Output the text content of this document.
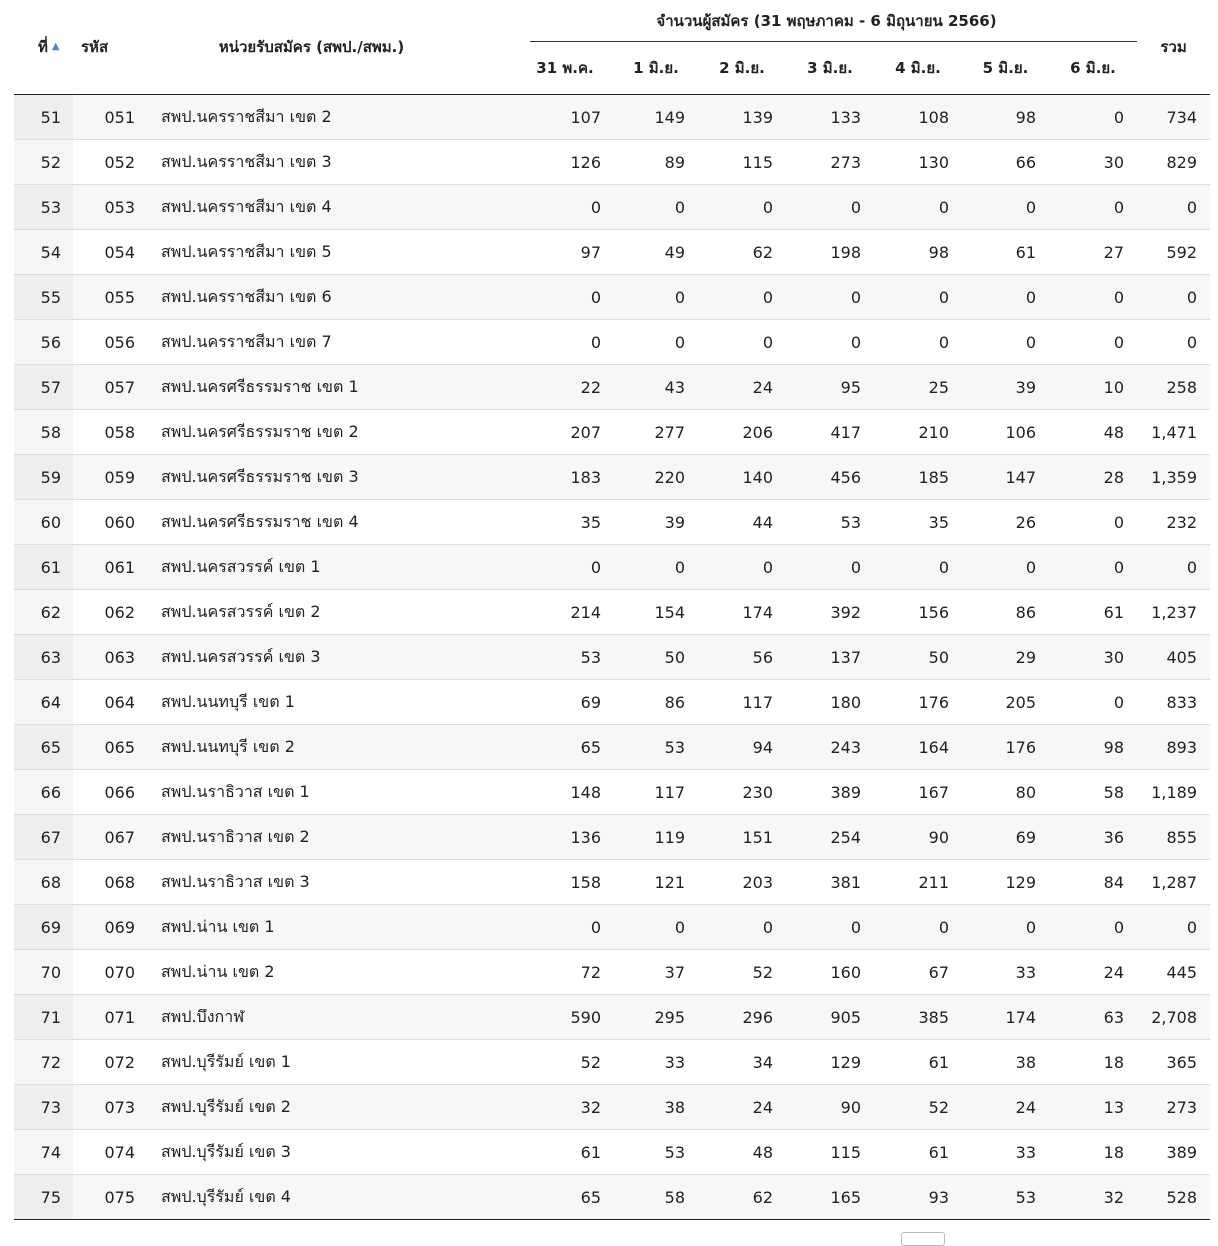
ที่ ▲	รหัส	หน่วยรับสมัคร (สพป./สพม.)	จำนวนผู้สมัคร (31 พฤษภาคม - 6 มิถุนายน 2566)							รวม
			31 พ.ค.	1 มิ.ย.	2 มิ.ย.	3 มิ.ย.	4 มิ.ย.	5 มิ.ย.	6 มิ.ย.	
51	051	สพป.นครราชสีมา เขต 2	107	149	139	133	108	98	0	734
52	052	สพป.นครราชสีมา เขต 3	126	89	115	273	130	66	30	829
53	053	สพป.นครราชสีมา เขต 4	0	0	0	0	0	0	0	0
54	054	สพป.นครราชสีมา เขต 5	97	49	62	198	98	61	27	592
55	055	สพป.นครราชสีมา เขต 6	0	0	0	0	0	0	0	0
56	056	สพป.นครราชสีมา เขต 7	0	0	0	0	0	0	0	0
57	057	สพป.นครศรีธรรมราช เขต 1	22	43	24	95	25	39	10	258
58	058	สพป.นครศรีธรรมราช เขต 2	207	277	206	417	210	106	48	1,471
59	059	สพป.นครศรีธรรมราช เขต 3	183	220	140	456	185	147	28	1,359
60	060	สพป.นครศรีธรรมราช เขต 4	35	39	44	53	35	26	0	232
61	061	สพป.นครสวรรค์ เขต 1	0	0	0	0	0	0	0	0
62	062	สพป.นครสวรรค์ เขต 2	214	154	174	392	156	86	61	1,237
63	063	สพป.นครสวรรค์ เขต 3	53	50	56	137	50	29	30	405
64	064	สพป.นนทบุรี เขต 1	69	86	117	180	176	205	0	833
65	065	สพป.นนทบุรี เขต 2	65	53	94	243	164	176	98	893
66	066	สพป.นราธิวาส เขต 1	148	117	230	389	167	80	58	1,189
67	067	สพป.นราธิวาส เขต 2	136	119	151	254	90	69	36	855
68	068	สพป.นราธิวาส เขต 3	158	121	203	381	211	129	84	1,287
69	069	สพป.น่าน เขต 1	0	0	0	0	0	0	0	0
70	070	สพป.น่าน เขต 2	72	37	52	160	67	33	24	445
71	071	สพป.บึงกาฬ	590	295	296	905	385	174	63	2,708
72	072	สพป.บุรีรัมย์ เขต 1	52	33	34	129	61	38	18	365
73	073	สพป.บุรีรัมย์ เขต 2	32	38	24	90	52	24	13	273
74	074	สพป.บุรีรัมย์ เขต 3	61	53	48	115	61	33	18	389
75	075	สพป.บุรีรัมย์ เขต 4	65	58	62	165	93	53	32	528
